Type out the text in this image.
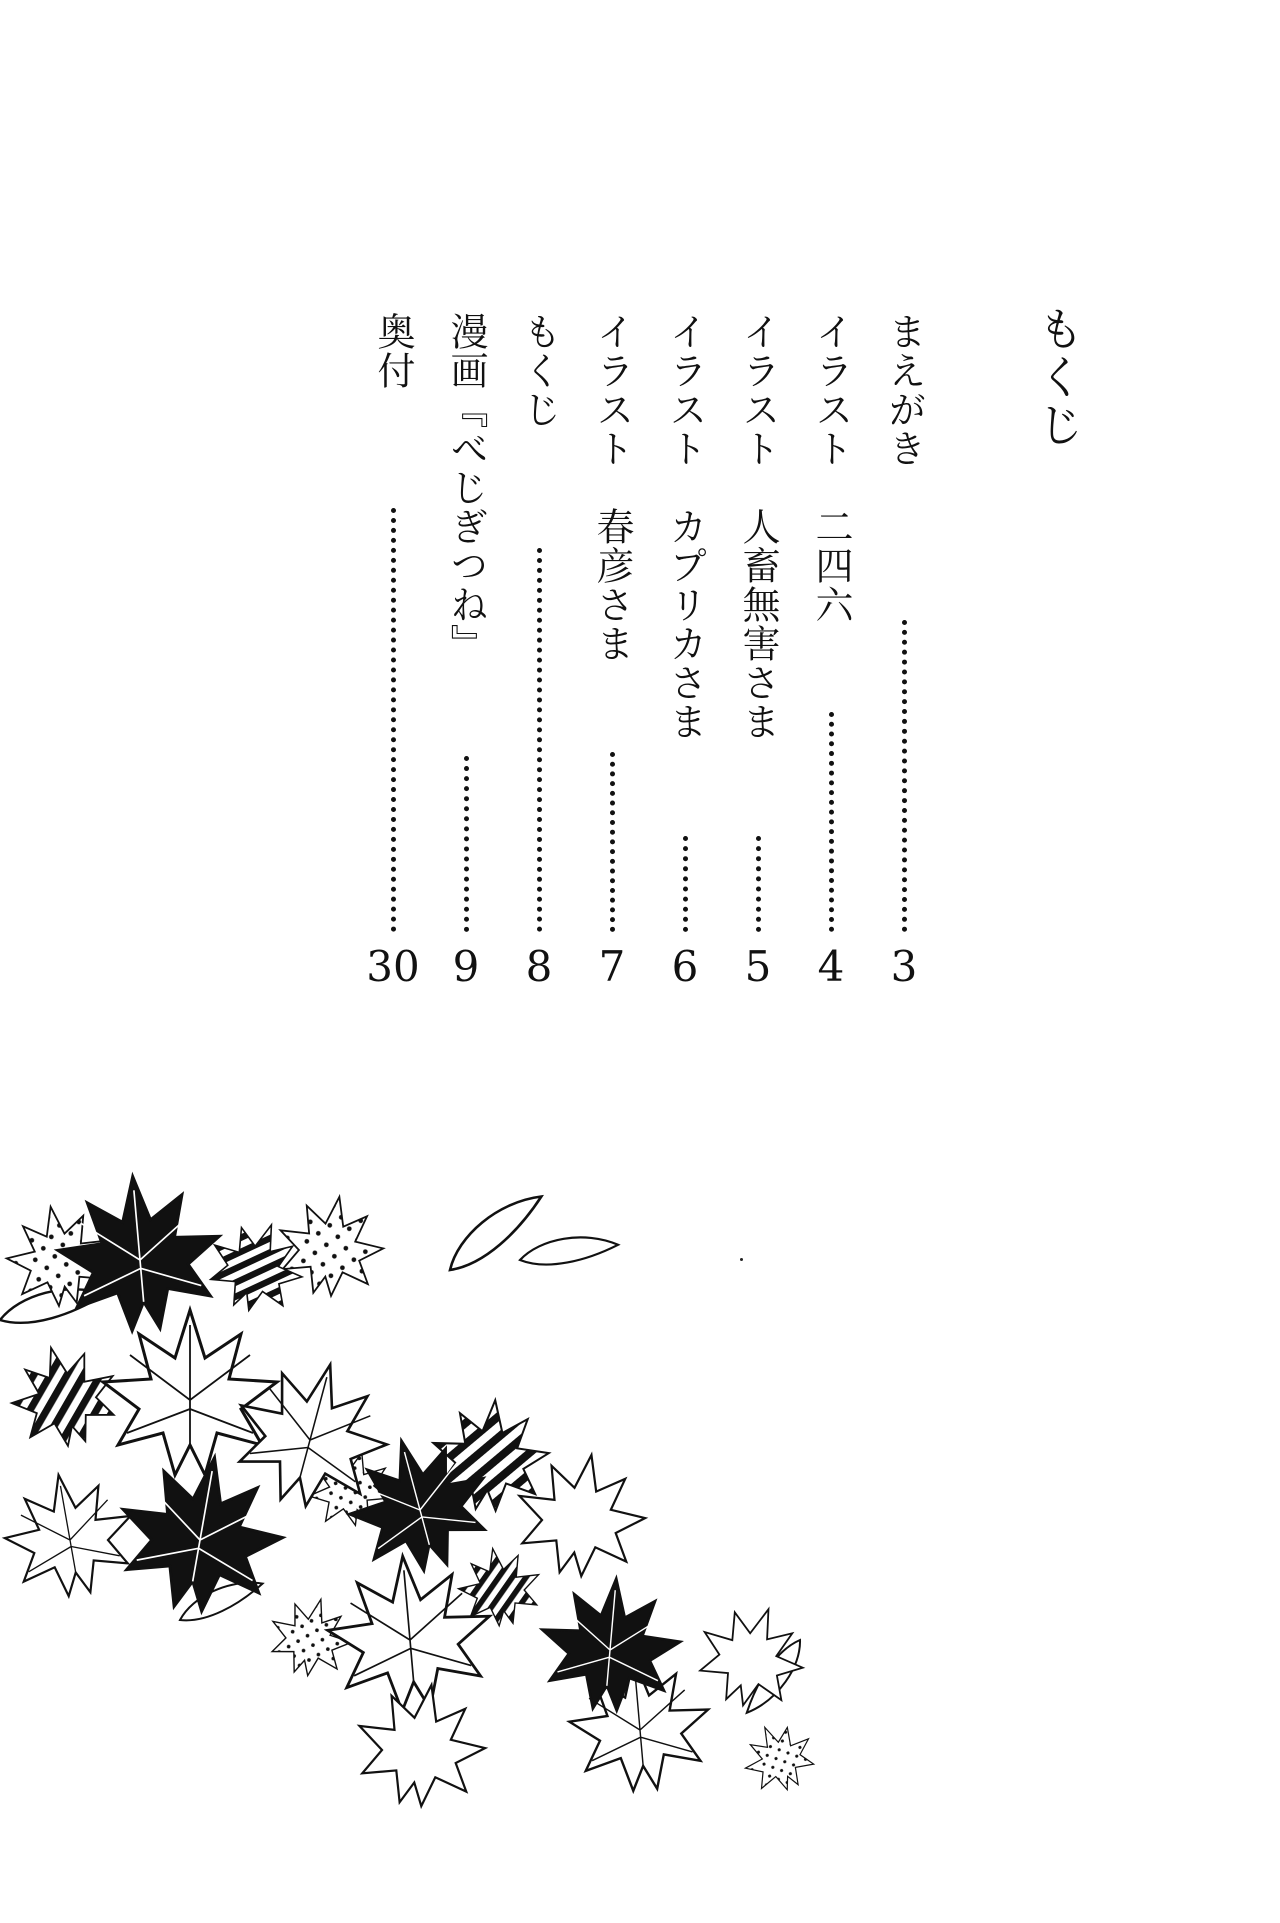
もくじ
まえがき
3
イラスト　二四六
4
イラスト　人畜無害さま
5
イラスト　カプリカさま
6
イラスト　春彦さま
7
もくじ
8
漫画『べじぎつね』
9
奥付
30
